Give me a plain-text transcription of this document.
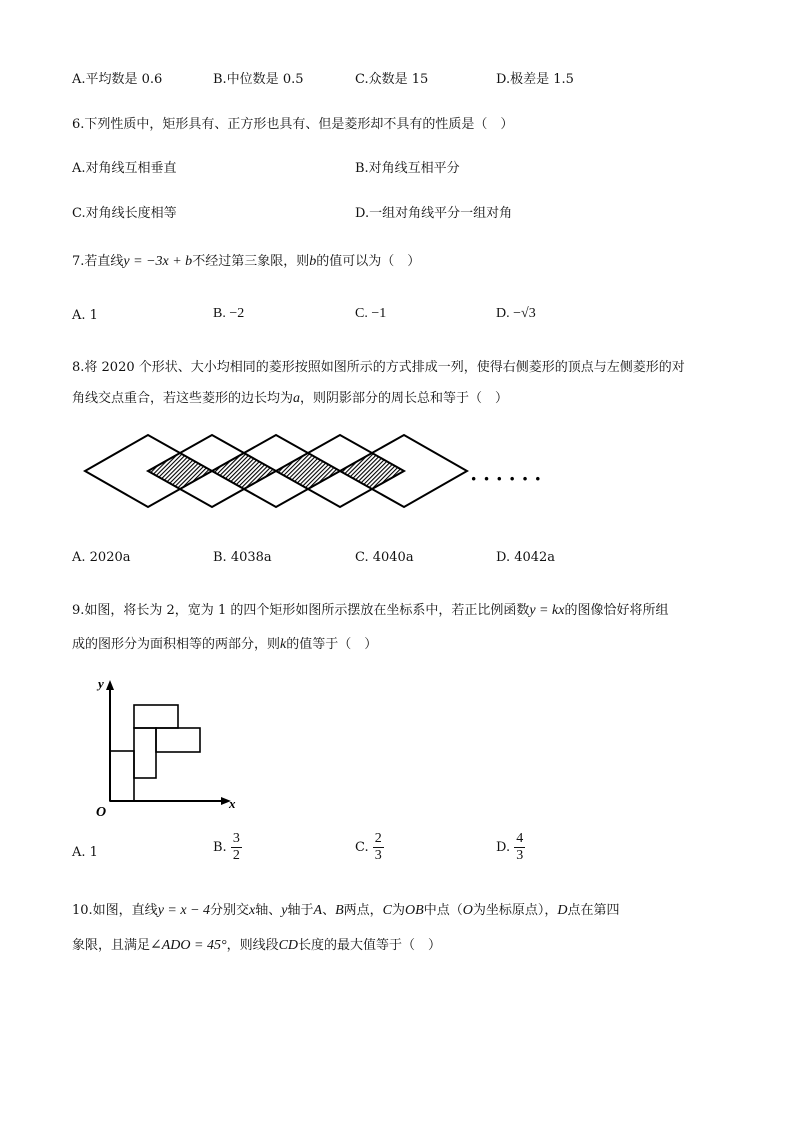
A.平均数是 0.6	B.中位数是 0.5	C.众数是 15	D.极差是 1.5
6.下列性质中，矩形具有、正方形也具有、但是菱形却不具有的性质是（　）
A.对角线互相垂直	B.对角线互相平分
C.对角线长度相等	D.一组对角线平分一组对角
7.若直线y = −3x + b不经过第三象限，则b的值可以为（　）
A. 1	B. −2	C. −1	D. −√3
8.将 2020 个形状、大小均相同的菱形按照如图所示的方式排成一列，使得右侧菱形的顶点与左侧菱形的对
角线交点重合，若这些菱形的边长均为a，则阴影部分的周长总和等于（　）
· · · · · ·
A. 2020a	B. 4038a	C. 4040a	D. 4042a
9.如图，将长为 2，宽为 1 的四个矩形如图所示摆放在坐标系中，若正比例函数y = kx的图像恰好将所组
成的图形分为面积相等的两部分，则k的值等于（　）
y
x
O
A. 1	B. $\frac{3}{2}$	C. $\frac{2}{3}$	D. $\frac{4}{3}$
10.如图，直线y = x − 4分别交x轴、y轴于A、B两点，C为OB中点（O为坐标原点），D点在第四
象限，且满足∠ADO = 45°，则线段CD长度的最大值等于（　）
